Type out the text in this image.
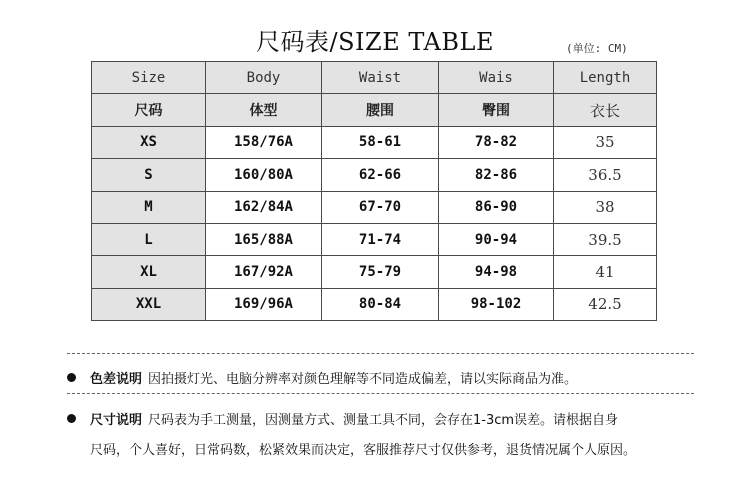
尺码表/SIZE TABLE	(单位: CM)
Size	Body	Waist	Wais	Length
尺码	体型	腰围	臀围	衣长
XS	158/76A	58-61	78-82	35
S	160/80A	62-66	82-86	36.5
M	162/84A	67-70	86-90	38
L	165/88A	71-74	90-94	39.5
XL	167/92A	75-79	94-98	41
XXL	169/96A	80-84	98-102	42.5
色差说明 因拍摄灯光、电脑分辨率对颜色理解等不同造成偏差，请以实际商品为准。
尺寸说明 尺码表为手工测量，因测量方式、测量工具不同，会存在1-3cm误差。请根据自身
尺码，个人喜好，日常码数，松紧效果而决定，客服推荐尺寸仅供参考，退货情况属个人原因。
